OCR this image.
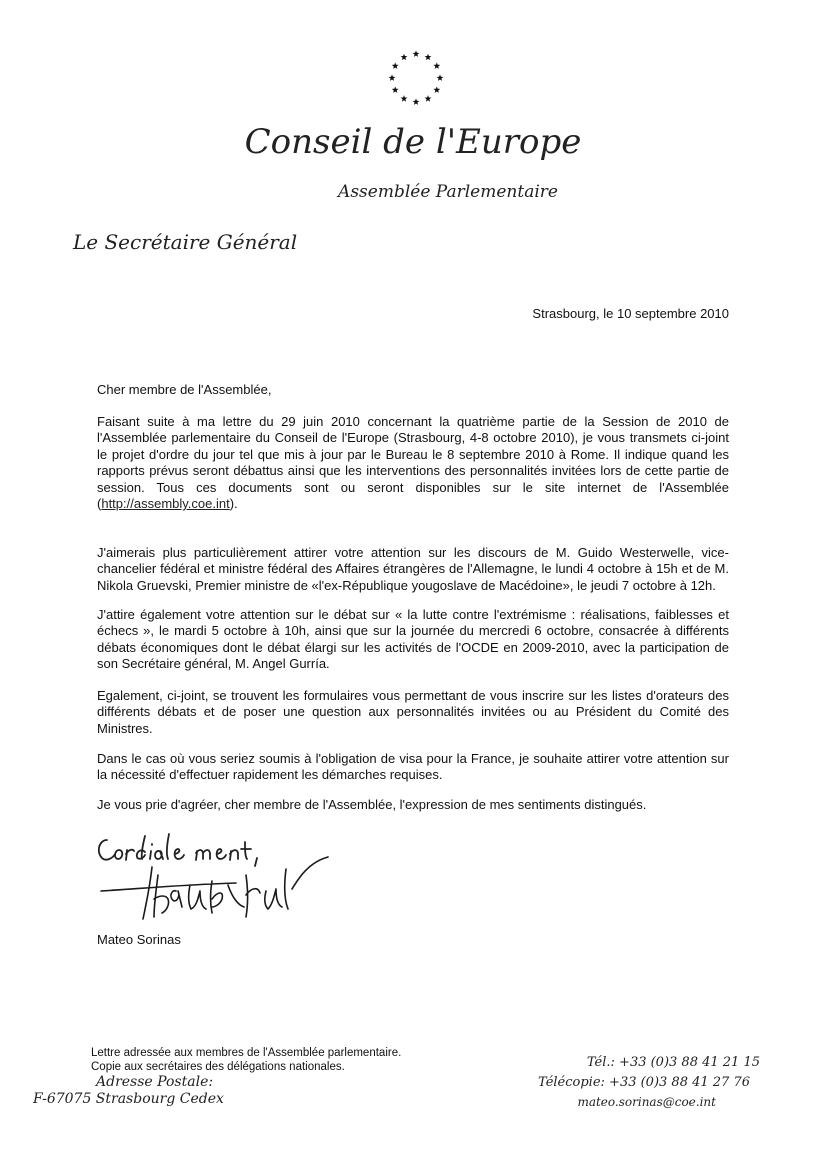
Conseil de l'Europe
Assemblée Parlementaire
Le Secrétaire Général
Strasbourg, le 10 septembre 2010

Cher membre de l'Assemblée,

Faisant suite à ma lettre du 29 juin 2010 concernant la quatrième partie de la Session de 2010 de l'Assemblée parlementaire du Conseil de l'Europe (Strasbourg, 4-8 octobre 2010), je vous transmets ci-joint le projet d'ordre du jour tel que mis à jour par le Bureau le 8 septembre 2010 à Rome. Il indique quand les rapports prévus seront débattus ainsi que les interventions des personnalités invitées lors de cette partie de session. Tous ces documents sont ou seront disponibles sur le site internet de l'Assemblée (http://assembly.coe.int).

J'aimerais plus particulièrement attirer votre attention sur les discours de M. Guido Westerwelle, vice-chancelier fédéral et ministre fédéral des Affaires étrangères de l'Allemagne, le lundi 4 octobre à 15h et de M. Nikola Gruevski, Premier ministre de «l'ex-République yougoslave de Macédoine», le jeudi 7 octobre à 12h.

J'attire également votre attention sur le débat sur « la lutte contre l'extrémisme : réalisations, faiblesses et échecs », le mardi 5 octobre à 10h, ainsi que sur la journée du mercredi 6 octobre, consacrée à différents débats économiques dont le débat élargi sur les activités de l'OCDE en 2009-2010, avec la participation de son Secrétaire général, M. Angel Gurría.

Egalement, ci-joint, se trouvent les formulaires vous permettant de vous inscrire sur les listes d'orateurs des différents débats et de poser une question aux personnalités invitées ou au Président du Comité des Ministres.

Dans le cas où vous seriez soumis à l'obligation de visa pour la France, je souhaite attirer votre attention sur la nécessité d'effectuer rapidement les démarches requises.

Je vous prie d'agréer, cher membre de l'Assemblée, l'expression de mes sentiments distingués.

Mateo Sorinas
Lettre adressée aux membres de l'Assemblée parlementaire.
Copie aux secrétaires des délégations nationales.
Adresse Postale:
F-67075 Strasbourg Cedex
Tél.: +33 (0)3 88 41 21 15
Télécopie: +33 (0)3 88 41 27 76
mateo.sorinas@coe.int
